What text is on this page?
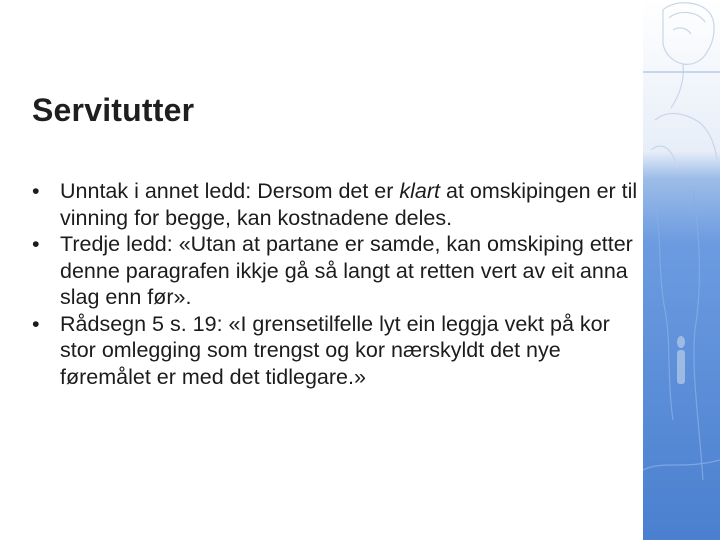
Servitutter
• Unntak i annet ledd: Dersom det er klart at omskipingen er til vinning for begge, kan kostnadene deles.
• Tredje ledd: «Utan at partane er samde, kan omskiping etter denne paragrafen ikkje gå så langt at retten vert av eit anna slag enn før».
• Rådsegn 5 s. 19: «I grensetilfelle lyt ein leggja vekt på kor stor omlegging som trengst og kor nærskyldt det nye føremålet er med det tidlegare.»
